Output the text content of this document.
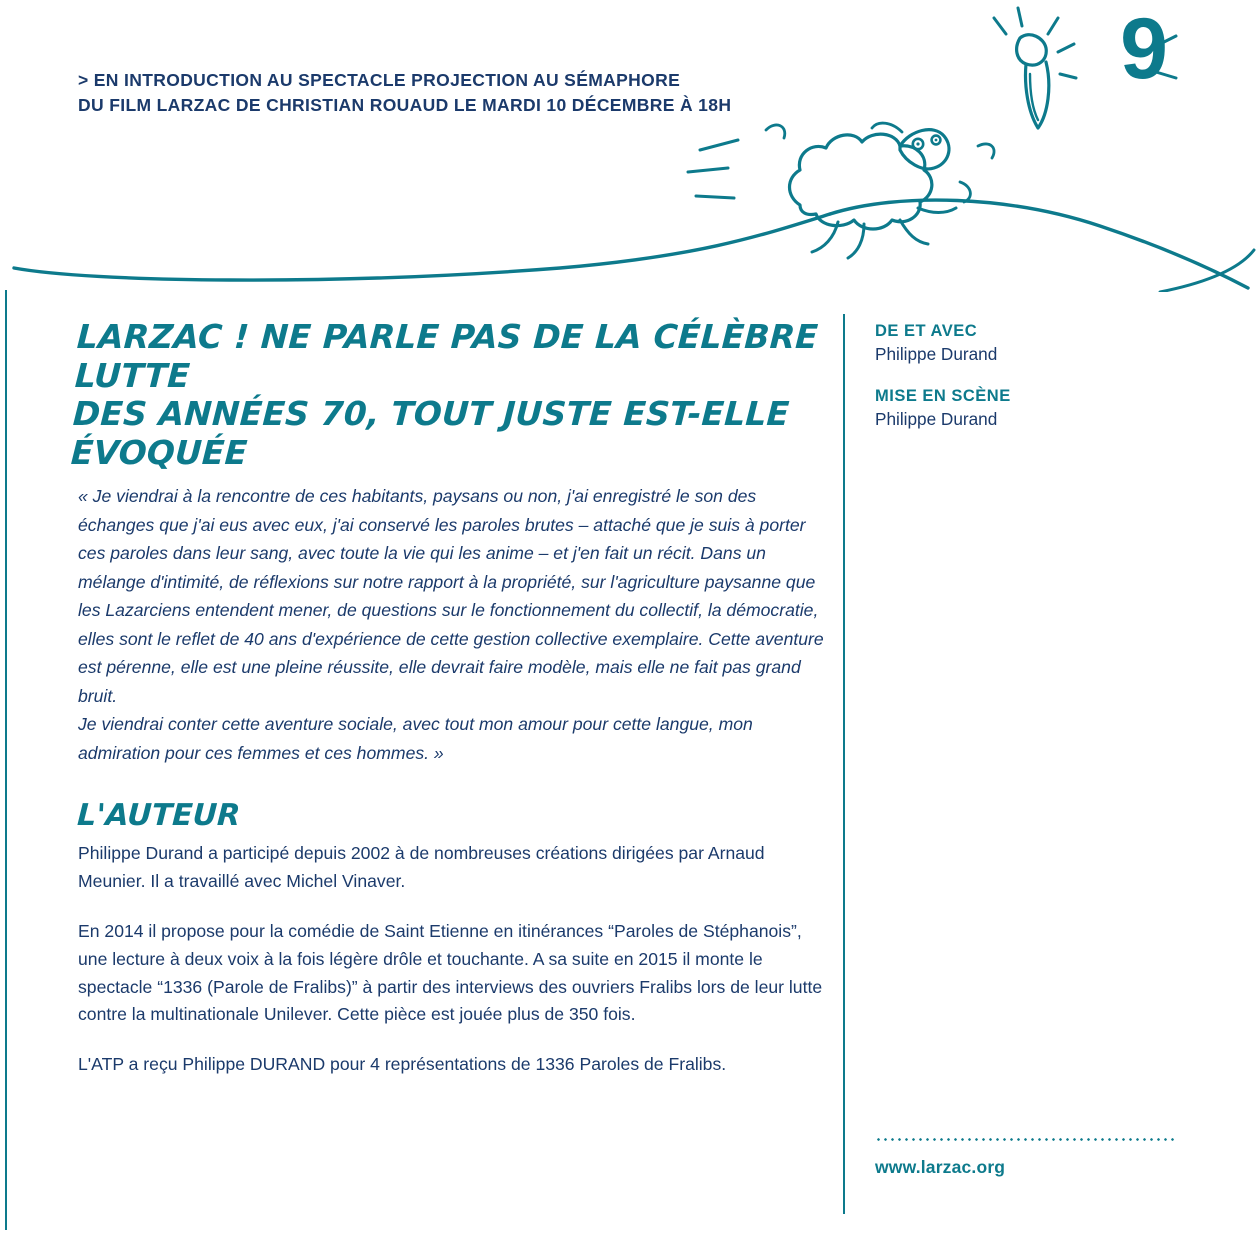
> EN INTRODUCTION AU SPECTACLE PROJECTION AU SÉMAPHORE
DU FILM LARZAC DE CHRISTIAN ROUAUD LE MARDI 10 DÉCEMBRE À 18H
9
LARZAC ! NE PARLE PAS DE LA CÉLÈBRE LUTTE
DES ANNÉES 70, TOUT JUSTE EST-ELLE ÉVOQUÉE

« Je viendrai à la rencontre de ces habitants, paysans ou non, j'ai enregistré le son des échanges que j'ai eus avec eux, j'ai conservé les paroles brutes – attaché que je suis à porter ces paroles dans leur sang, avec toute la vie qui les anime – et j'en fait un récit. Dans un mélange d'intimité, de réflexions sur notre rapport à la propriété, sur l'agriculture paysanne que les Lazarciens entendent mener, de questions sur le fonctionnement du collectif, la démocratie, elles sont le reflet de 40 ans d'expérience de cette gestion collective exemplaire. Cette aventure est pérenne, elle est une pleine réussite, elle devrait faire modèle, mais elle ne fait pas grand bruit.

Je viendrai conter cette aventure sociale, avec tout mon amour pour cette langue, mon admiration pour ces femmes et ces hommes. »

L'AUTEUR

Philippe Durand a participé depuis 2002 à de nombreuses créations dirigées par Arnaud Meunier. Il a travaillé avec Michel Vinaver.

En 2014 il propose pour la comédie de Saint Etienne en itinérances “Paroles de Stéphanois”, une lecture à deux voix à la fois légère drôle et touchante. A sa suite en 2015 il monte le spectacle “1336 (Parole de Fralibs)” à partir des interviews des ouvriers Fralibs lors de leur lutte contre la multinationale Unilever. Cette pièce est jouée plus de 350 fois.

L'ATP a reçu Philippe DURAND pour 4 représentations de 1336 Paroles de Fralibs.

DE ET AVEC

Philippe Durand

MISE EN SCÈNE

Philippe Durand

www.larzac.org
